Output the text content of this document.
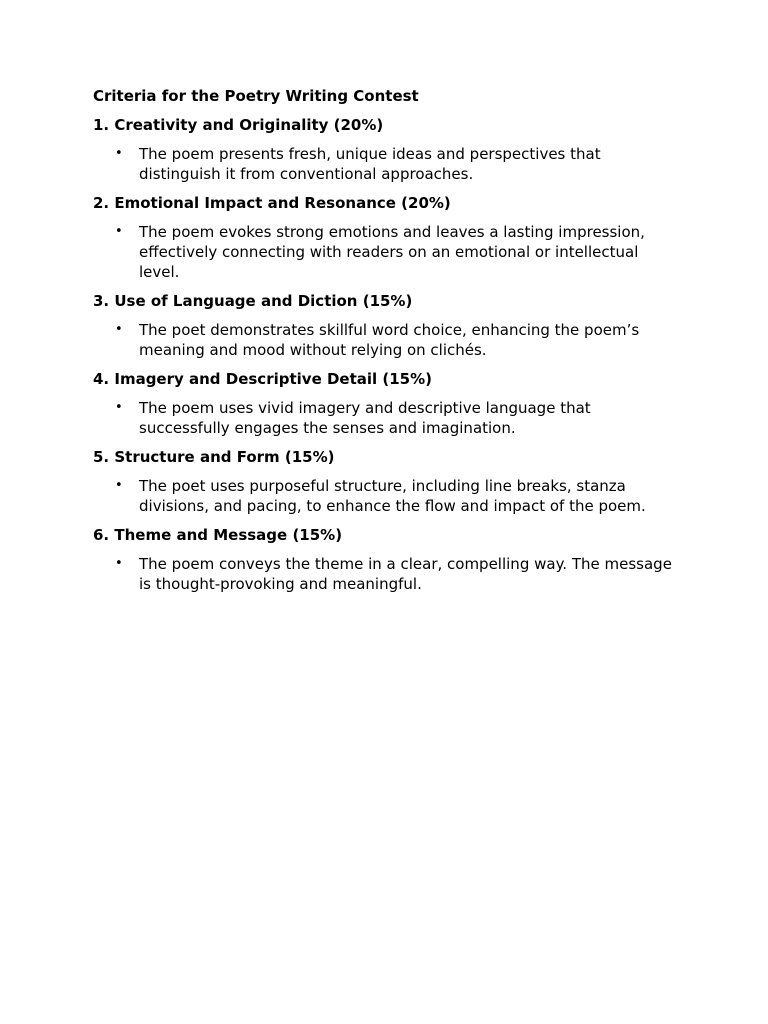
Criteria for the Poetry Writing Contest

1. Creativity and Originality (20%)

• The poem presents fresh, unique ideas and perspectives that distinguish it from conventional approaches.

2. Emotional Impact and Resonance (20%)

• The poem evokes strong emotions and leaves a lasting impression, effectively connecting with readers on an emotional or intellectual level.

3. Use of Language and Diction (15%)

• The poet demonstrates skillful word choice, enhancing the poem’s meaning and mood without relying on clichés.

4. Imagery and Descriptive Detail (15%)

• The poem uses vivid imagery and descriptive language that successfully engages the senses and imagination.

5. Structure and Form (15%)

• The poet uses purposeful structure, including line breaks, stanza divisions, and pacing, to enhance the flow and impact of the poem.

6. Theme and Message (15%)

• The poem conveys the theme in a clear, compelling way. The message is thought-provoking and meaningful.
